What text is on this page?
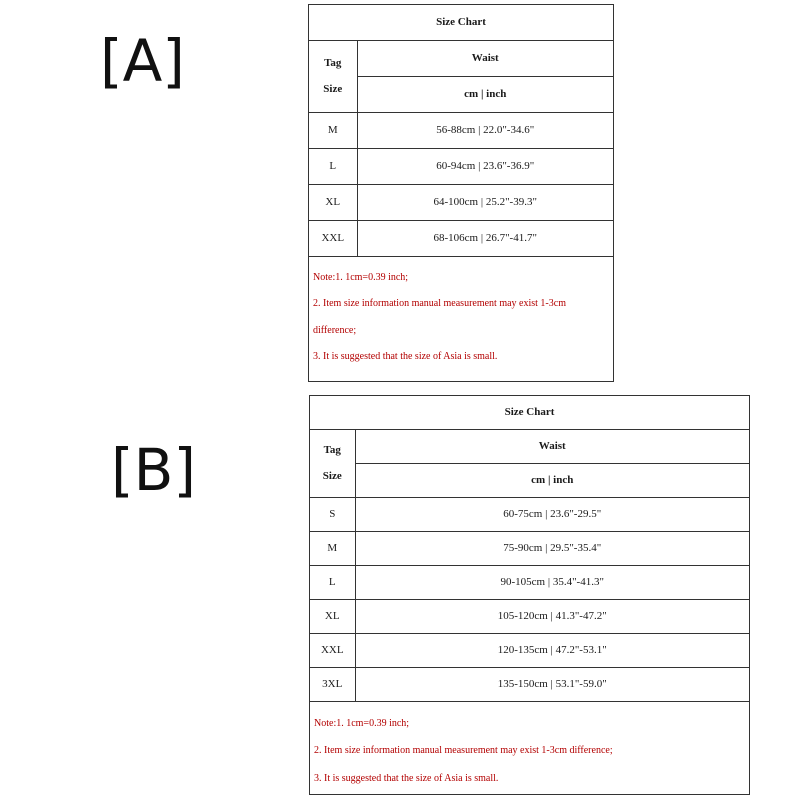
[A]
Size Chart	

Tag
Size	Waist
	cm | inch
M	56-88cm | 22.0"-34.6"
L	60-94cm | 23.6"-36.9"
XL	64-100cm | 25.2"-39.3"
XXL	68-106cm | 26.7"-41.7"

Note:1. 1cm=0.39 inch;

2. Item size information manual measurement may exist 1-3cm

difference;

3. It is suggested that the size of Asia is small.

[B]
Size Chart	

Tag
Size	Waist
	cm | inch
S	60-75cm | 23.6"-29.5"
M	75-90cm | 29.5"-35.4"
L	90-105cm | 35.4"-41.3"
XL	105-120cm | 41.3"-47.2"
XXL	120-135cm | 47.2"-53.1"
3XL	135-150cm | 53.1"-59.0"

Note:1. 1cm=0.39 inch;

2. Item size information manual measurement may exist 1-3cm difference;

3. It is suggested that the size of Asia is small.
